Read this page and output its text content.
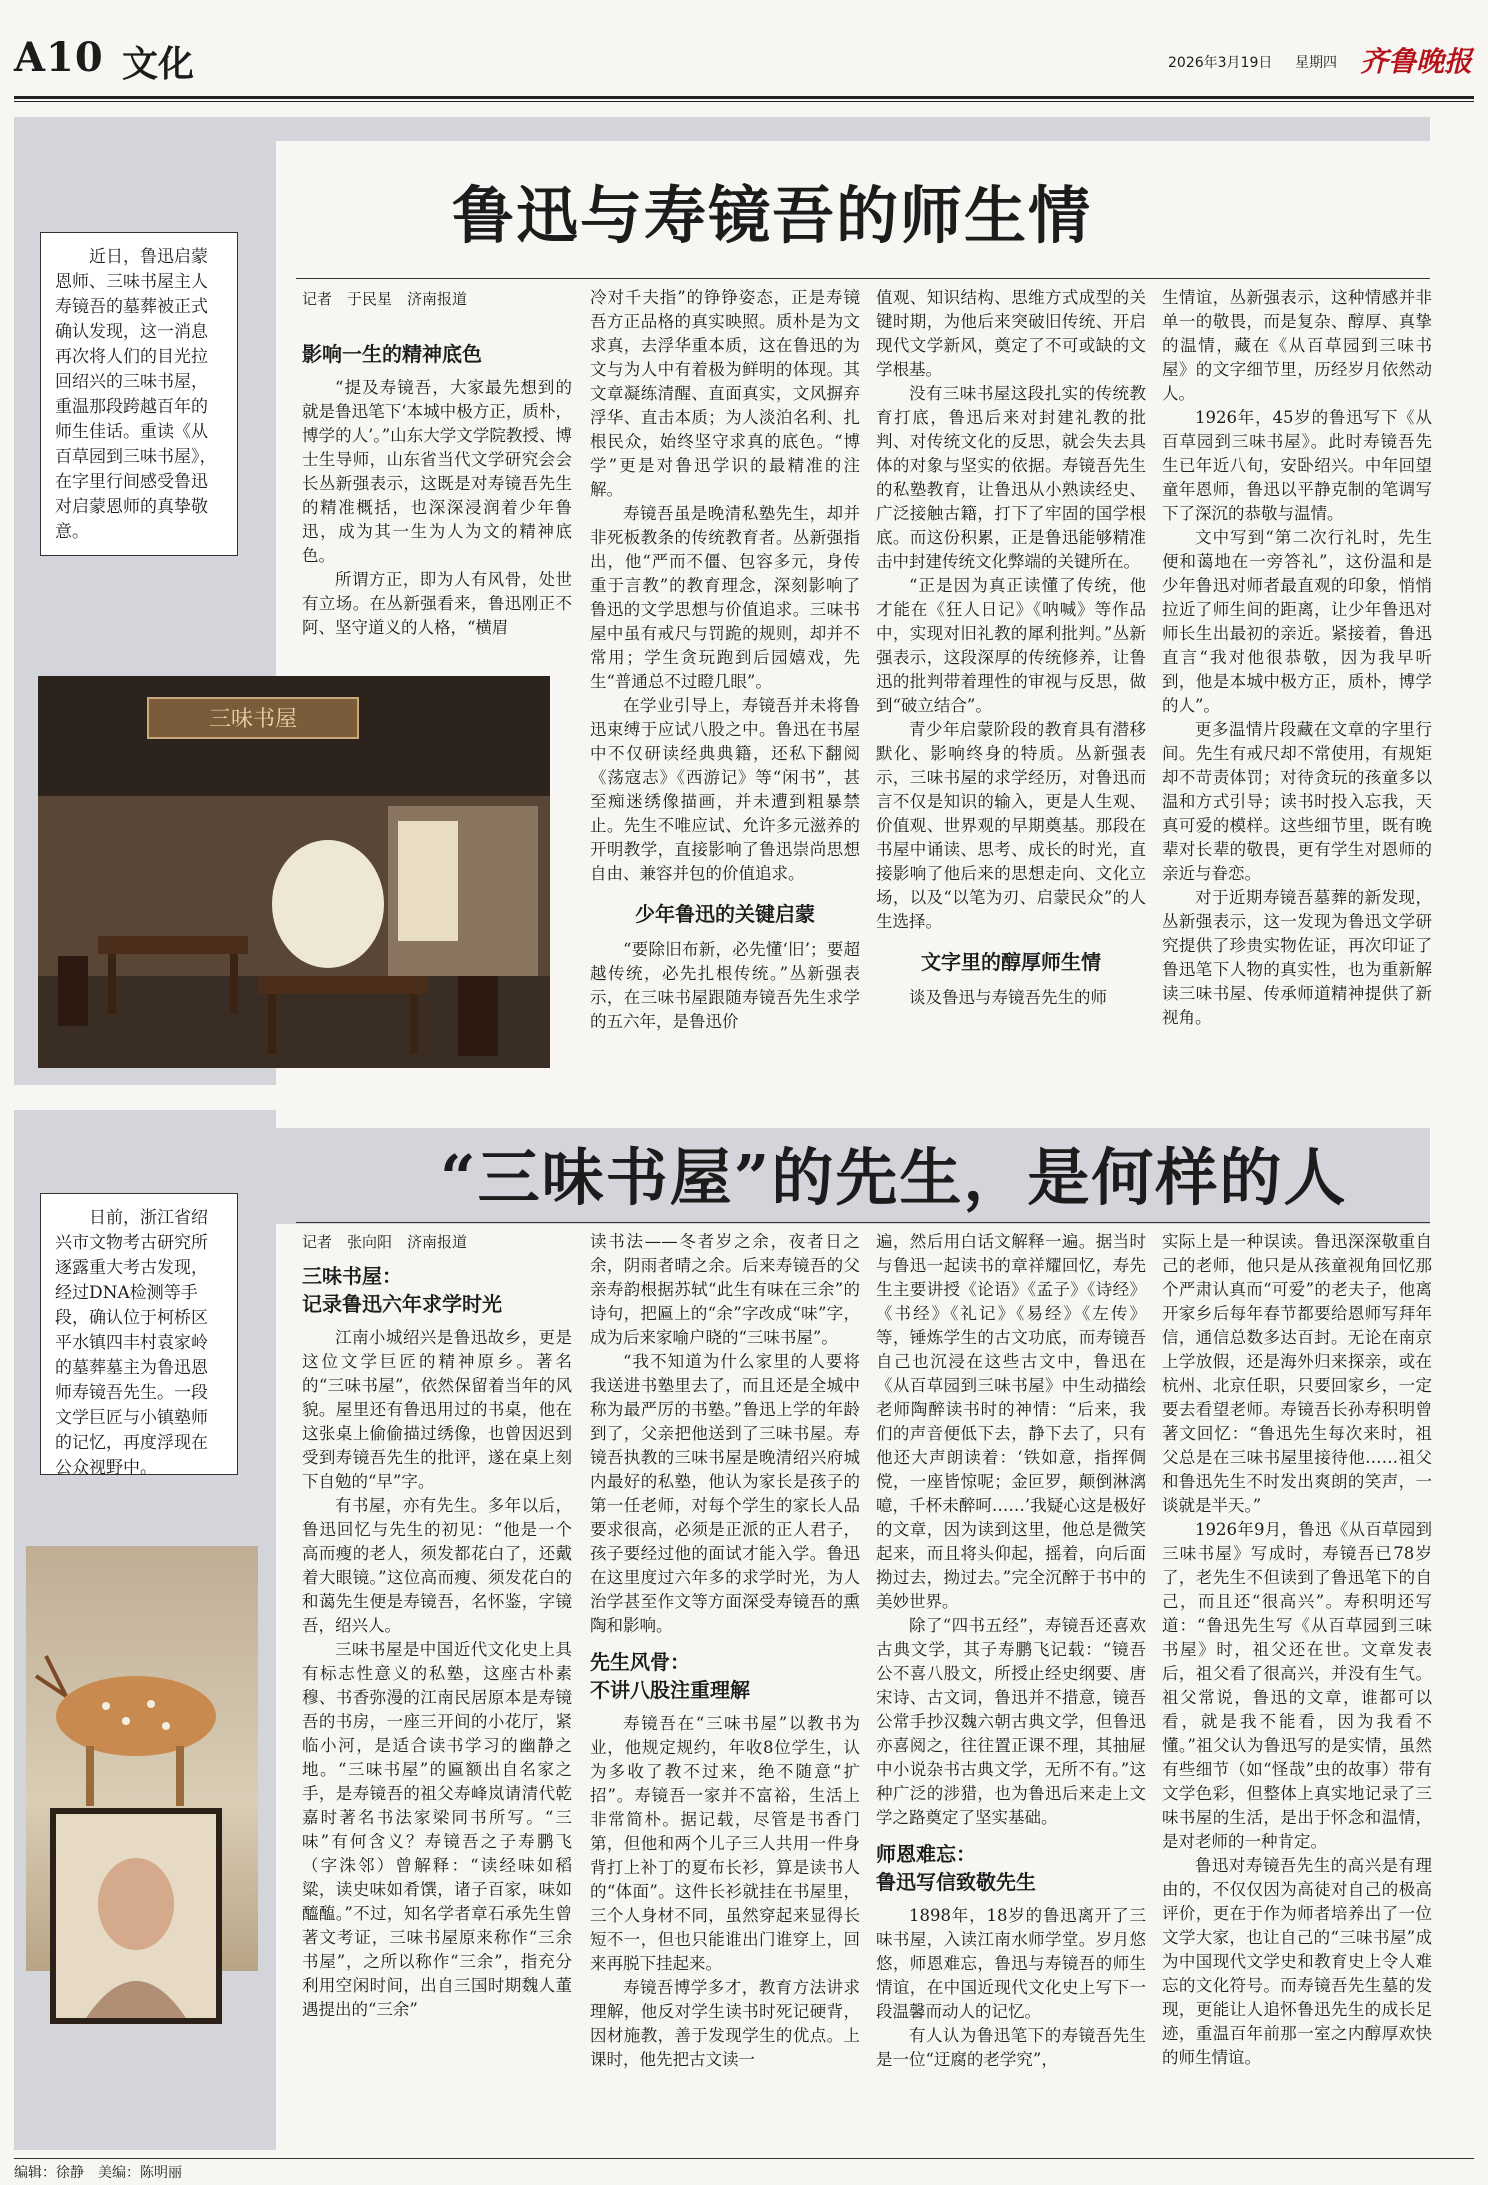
A10 文化	2026年3月19日 星期四 齐鲁晚报
鲁迅与寿镜吾的师生情
近日，鲁迅启蒙恩师、三味书屋主人寿镜吾的墓葬被正式确认发现，这一消息再次将人们的目光拉回绍兴的三味书屋，重温那段跨越百年的师生佳话。重读《从百草园到三味书屋》，在字里行间感受鲁迅对启蒙恩师的真挚敬意。
记者　于民星　济南报道
影响一生的精神底色

“提及寿镜吾，大家最先想到的就是鲁迅笔下‘本城中极方正，质朴，博学的人’。”山东大学文学院教授、博士生导师，山东省当代文学研究会会长丛新强表示，这既是对寿镜吾先生的精准概括，也深深浸润着少年鲁迅，成为其一生为人为文的精神底色。

所谓方正，即为人有风骨，处世有立场。在丛新强看来，鲁迅刚正不阿、坚守道义的人格，“横眉

三味书屋

冷对千夫指”的铮铮姿态，正是寿镜吾方正品格的真实映照。质朴是为文求真，去浮华重本质，这在鲁迅的为文与为人中有着极为鲜明的体现。其文章凝练清醒、直面真实，文风摒弃浮华、直击本质；为人淡泊名利、扎根民众，始终坚守求真的底色。“博学”更是对鲁迅学识的最精准的注解。

寿镜吾虽是晚清私塾先生，却并非死板教条的传统教育者。丛新强指出，他“严而不僵、包容多元，身传重于言教”的教育理念，深刻影响了鲁迅的文学思想与价值追求。三味书屋中虽有戒尺与罚跪的规则，却并不常用；学生贪玩跑到后园嬉戏，先生“普通总不过瞪几眼”。

在学业引导上，寿镜吾并未将鲁迅束缚于应试八股之中。鲁迅在书屋中不仅研读经典典籍，还私下翻阅《荡寇志》《西游记》等“闲书”，甚至痴迷绣像描画，并未遭到粗暴禁止。先生不唯应试、允许多元滋养的开明教学，直接影响了鲁迅崇尚思想自由、兼容并包的价值追求。

少年鲁迅的关键启蒙

“要除旧布新，必先懂‘旧’；要超越传统，必先扎根传统。”丛新强表示，在三味书屋跟随寿镜吾先生求学的五六年，是鲁迅价

值观、知识结构、思维方式成型的关键时期，为他后来突破旧传统、开启现代文学新风，奠定了不可或缺的文学根基。

没有三味书屋这段扎实的传统教育打底，鲁迅后来对封建礼教的批判、对传统文化的反思，就会失去具体的对象与坚实的依据。寿镜吾先生的私塾教育，让鲁迅从小熟读经史、广泛接触古籍，打下了牢固的国学根底。而这份积累，正是鲁迅能够精准击中封建传统文化弊端的关键所在。

“正是因为真正读懂了传统，他才能在《狂人日记》《呐喊》等作品中，实现对旧礼教的犀利批判。”丛新强表示，这段深厚的传统修养，让鲁迅的批判带着理性的审视与反思，做到“破立结合”。

青少年启蒙阶段的教育具有潜移默化、影响终身的特质。丛新强表示，三味书屋的求学经历，对鲁迅而言不仅是知识的输入，更是人生观、价值观、世界观的早期奠基。那段在书屋中诵读、思考、成长的时光，直接影响了他后来的思想走向、文化立场，以及“以笔为刃、启蒙民众”的人生选择。

文字里的醇厚师生情

谈及鲁迅与寿镜吾先生的师

生情谊，丛新强表示，这种情感并非单一的敬畏，而是复杂、醇厚、真挚的温情，藏在《从百草园到三味书屋》的文字细节里，历经岁月依然动人。

1926年，45岁的鲁迅写下《从百草园到三味书屋》。此时寿镜吾先生已年近八旬，安卧绍兴。中年回望童年恩师，鲁迅以平静克制的笔调写下了深沉的恭敬与温情。

文中写到“第二次行礼时，先生便和蔼地在一旁答礼”，这份温和是少年鲁迅对师者最直观的印象，悄悄拉近了师生间的距离，让少年鲁迅对师长生出最初的亲近。紧接着，鲁迅直言“我对他很恭敬，因为我早听到，他是本城中极方正，质朴，博学的人”。

更多温情片段藏在文章的字里行间。先生有戒尺却不常使用，有规矩却不苛责体罚；对待贪玩的孩童多以温和方式引导；读书时投入忘我，天真可爱的模样。这些细节里，既有晚辈对长辈的敬畏，更有学生对恩师的亲近与眷恋。

对于近期寿镜吾墓葬的新发现，丛新强表示，这一发现为鲁迅文学研究提供了珍贵实物佐证，再次印证了鲁迅笔下人物的真实性，也为重新解读三味书屋、传承师道精神提供了新视角。

“三味书屋”的先生，是何样的人
日前，浙江省绍兴市文物考古研究所逐露重大考古发现，经过DNA检测等手段，确认位于柯桥区平水镇四丰村袁家岭的墓葬墓主为鲁迅恩师寿镜吾先生。一段文学巨匠与小镇塾师的记忆，再度浮现在公众视野中。
记者　张向阳　济南报道
三味书屋：
记录鲁迅六年求学时光

江南小城绍兴是鲁迅故乡，更是这位文学巨匠的精神原乡。著名的“三味书屋”，依然保留着当年的风貌。屋里还有鲁迅用过的书桌，他在这张桌上偷偷描过绣像，也曾因迟到受到寿镜吾先生的批评，遂在桌上刻下自勉的“早”字。

有书屋，亦有先生。多年以后，鲁迅回忆与先生的初见：“他是一个高而瘦的老人，须发都花白了，还戴着大眼镜。”这位高而瘦、须发花白的和蔼先生便是寿镜吾，名怀鉴，字镜吾，绍兴人。

三味书屋是中国近代文化史上具有标志性意义的私塾，这座古朴素穆、书香弥漫的江南民居原本是寿镜吾的书房，一座三开间的小花厅，紧临小河，是适合读书学习的幽静之地。“三味书屋”的匾额出自名家之手，是寿镜吾的祖父寿峰岚请清代乾嘉时著名书法家梁同书所写。“三味”有何含义？寿镜吾之子寿鹏飞（字洙邻）曾解释：“读经味如稻粱，读史味如肴馔，诸子百家，味如醯醢。”不过，知名学者章石承先生曾著文考证，三味书屋原来称作“三余书屋”，之所以称作“三余”，指充分利用空闲时间，出自三国时期魏人董遇提出的“三余”

读书法——冬者岁之余，夜者日之余，阴雨者晴之余。后来寿镜吾的父亲寿韵根据苏轼“此生有味在三余”的诗句，把匾上的“余”字改成“味”字，成为后来家喻户晓的“三味书屋”。

“我不知道为什么家里的人要将我送进书塾里去了，而且还是全城中称为最严厉的书塾。”鲁迅上学的年龄到了，父亲把他送到了三味书屋。寿镜吾执教的三味书屋是晚清绍兴府城内最好的私塾，他认为家长是孩子的第一任老师，对每个学生的家长人品要求很高，必须是正派的正人君子，孩子要经过他的面试才能入学。鲁迅在这里度过六年多的求学时光，为人治学甚至作文等方面深受寿镜吾的熏陶和影响。

先生风骨：
不讲八股注重理解

寿镜吾在“三味书屋”以教书为业，他规定规约，年收8位学生，认为多收了教不过来，绝不随意“扩招”。寿镜吾一家并不富裕，生活上非常简朴。据记载，尽管是书香门第，但他和两个儿子三人共用一件身背打上补丁的夏布长衫，算是读书人的“体面”。这件长衫就挂在书屋里，三个人身材不同，虽然穿起来显得长短不一，但也只能谁出门谁穿上，回来再脱下挂起来。

寿镜吾博学多才，教育方法讲求理解，他反对学生读书时死记硬背，因材施教，善于发现学生的优点。上课时，他先把古文读一

遍，然后用白话文解释一遍。据当时与鲁迅一起读书的章祥耀回忆，寿先生主要讲授《论语》《孟子》《诗经》《书经》《礼记》《易经》《左传》等，锤炼学生的古文功底，而寿镜吾自己也沉浸在这些古文中，鲁迅在《从百草园到三味书屋》中生动描绘老师陶醉读书时的神情：“后来，我们的声音便低下去，静下去了，只有他还大声朗读着：‘铁如意，指挥倜傥，一座皆惊呢；金叵罗，颠倒淋漓噫，千杯未醉呵……’我疑心这是极好的文章，因为读到这里，他总是微笑起来，而且将头仰起，摇着，向后面拗过去，拗过去。”完全沉醉于书中的美妙世界。

除了“四书五经”，寿镜吾还喜欢古典文学，其子寿鹏飞记载：“镜吾公不喜八股文，所授止经史纲要、唐宋诗、古文词，鲁迅并不措意，镜吾公常手抄汉魏六朝古典文学，但鲁迅亦喜阅之，往往置正课不理，其抽屉中小说杂书古典文学，无所不有。”这种广泛的涉猎，也为鲁迅后来走上文学之路奠定了坚实基础。

师恩难忘：
鲁迅写信致敬先生

1898年，18岁的鲁迅离开了三味书屋，入读江南水师学堂。岁月悠悠，师恩难忘，鲁迅与寿镜吾的师生情谊，在中国近现代文化史上写下一段温馨而动人的记忆。

有人认为鲁迅笔下的寿镜吾先生是一位“迂腐的老学究”，

实际上是一种误读。鲁迅深深敬重自己的老师，他只是从孩童视角回忆那个严肃认真而“可爱”的老夫子，他离开家乡后每年春节都要给恩师写拜年信，通信总数多达百封。无论在南京上学放假，还是海外归来探亲，或在杭州、北京任职，只要回家乡，一定要去看望老师。寿镜吾长孙寿积明曾著文回忆：“鲁迅先生每次来时，祖父总是在三味书屋里接待他……祖父和鲁迅先生不时发出爽朗的笑声，一谈就是半天。”

1926年9月，鲁迅《从百草园到三味书屋》写成时，寿镜吾已78岁了，老先生不但读到了鲁迅笔下的自己，而且还“很高兴”。寿积明还写道：“鲁迅先生写《从百草园到三味书屋》时，祖父还在世。文章发表后，祖父看了很高兴，并没有生气。祖父常说，鲁迅的文章，谁都可以看，就是我不能看，因为我看不懂。”祖父认为鲁迅写的是实情，虽然有些细节（如“怪哉”虫的故事）带有文学色彩，但整体上真实地记录了三味书屋的生活，是出于怀念和温情，是对老师的一种肯定。

鲁迅对寿镜吾先生的高兴是有理由的，不仅仅因为高徒对自己的极高评价，更在于作为师者培养出了一位文学大家，也让自己的“三味书屋”成为中国现代文学史和教育史上令人难忘的文化符号。而寿镜吾先生墓的发现，更能让人追怀鲁迅先生的成长足迹，重温百年前那一室之内醇厚欢快的师生情谊。

编辑：徐静　美编：陈明丽
